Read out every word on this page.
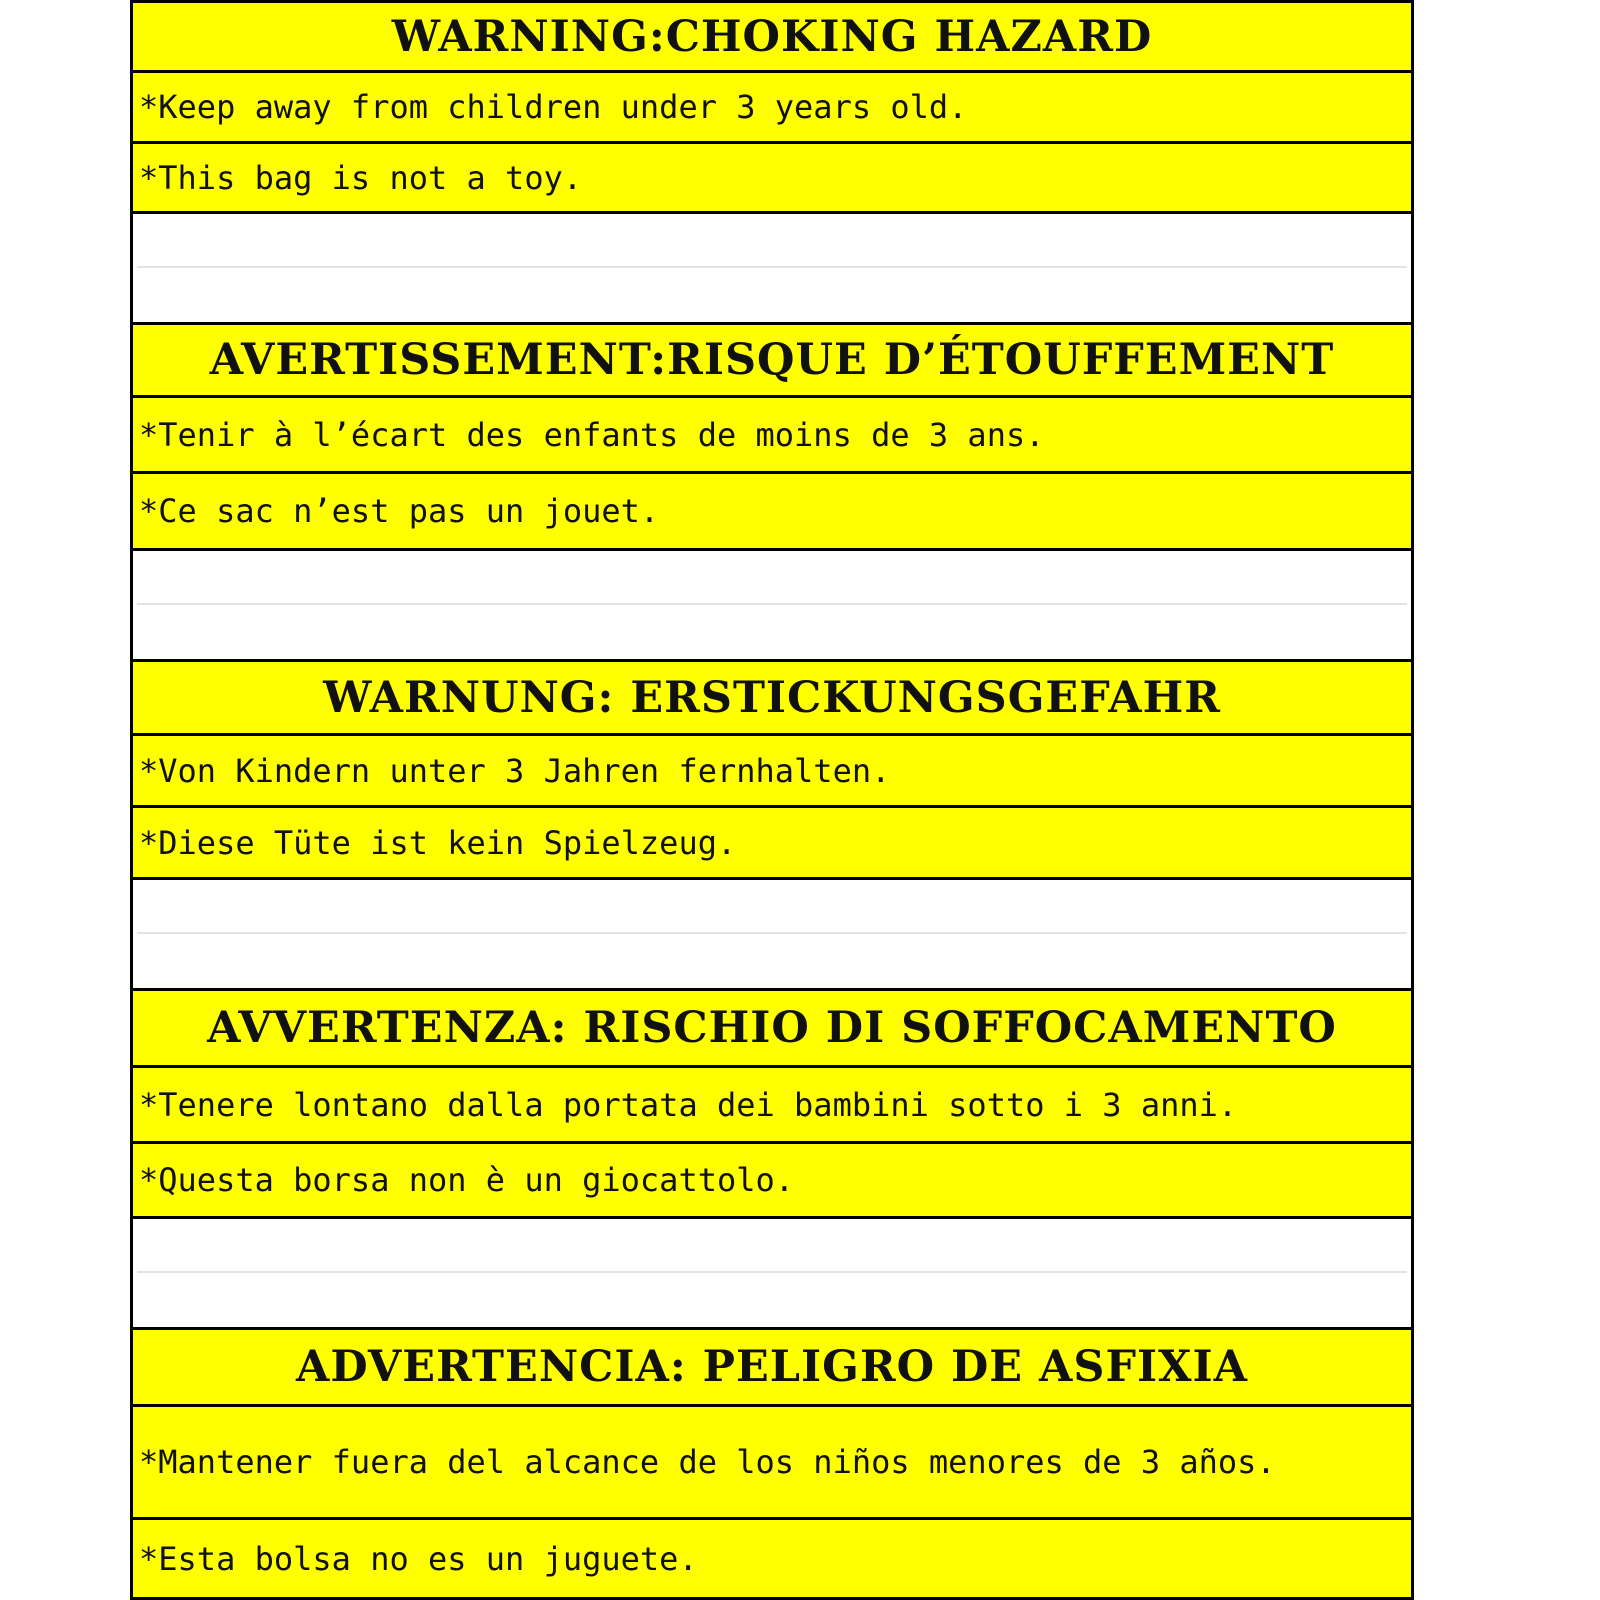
WARNING:CHOKING HAZARD
*Keep away from children under 3 years old.
*This bag is not a toy.
AVERTISSEMENT:RISQUE D’ÉTOUFFEMENT
*Tenir à l’écart des enfants de moins de 3 ans.
*Ce sac n’est pas un jouet.
WARNUNG: ERSTICKUNGSGEFAHR
*Von Kindern unter 3 Jahren fernhalten.
*Diese Tüte ist kein Spielzeug.
AVVERTENZA: RISCHIO DI SOFFOCAMENTO
*Tenere lontano dalla portata dei bambini sotto i 3 anni.
*Questa borsa non è un giocattolo.
ADVERTENCIA: PELIGRO DE ASFIXIA
*Mantener fuera del alcance de los niños menores de 3 años.
*Esta bolsa no es un juguete.
